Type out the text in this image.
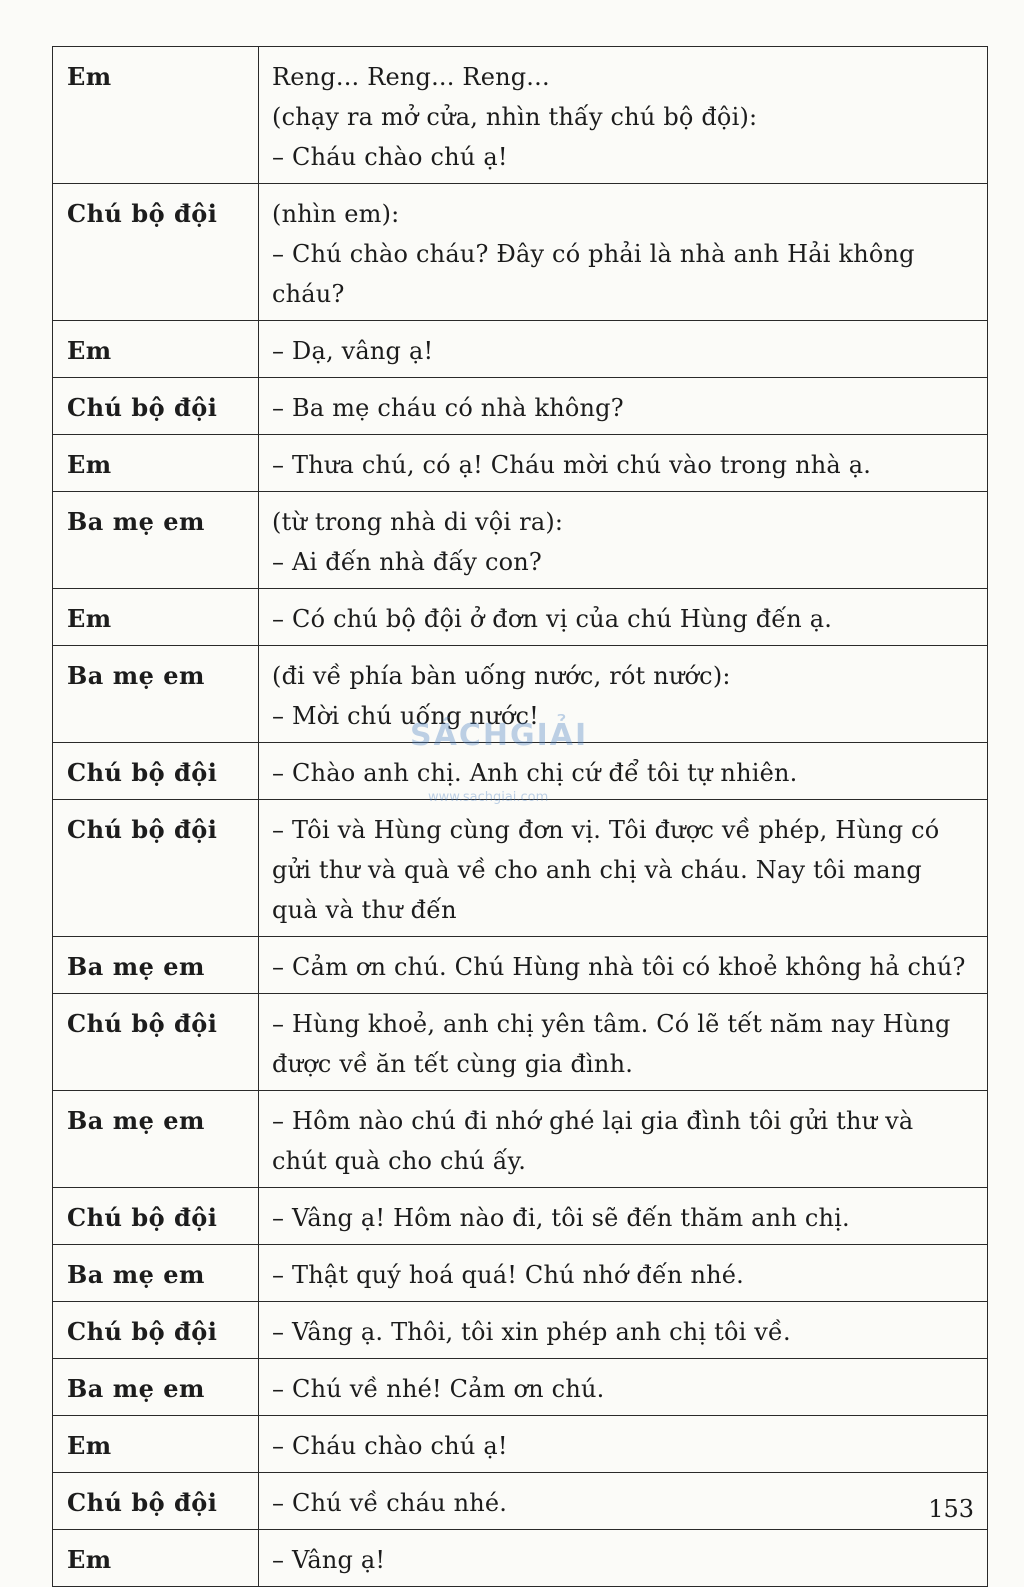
Em	Reng... Reng... Reng...
(chạy ra mở cửa, nhìn thấy chú bộ đội):
– Cháu chào chú ạ!

Chú bộ đội	(nhìn em):
– Chú chào cháu? Đây có phải là nhà anh Hải không cháu?

Em	– Dạ, vâng ạ!

Chú bộ đội	– Ba mẹ cháu có nhà không?

Em	– Thưa chú, có ạ! Cháu mời chú vào trong nhà ạ.

Ba mẹ em	(từ trong nhà di vội ra):
– Ai đến nhà đấy con?

Em	– Có chú bộ đội ở đơn vị của chú Hùng đến ạ.

Ba mẹ em	(đi về phía bàn uống nước, rót nước):
– Mời chú uống nước!

Chú bộ đội	– Chào anh chị. Anh chị cứ để tôi tự nhiên.

Chú bộ đội	– Tôi và Hùng cùng đơn vị. Tôi được về phép, Hùng có gửi thư và quà về cho anh chị và cháu. Nay tôi mang quà và thư đến

Ba mẹ em	– Cảm ơn chú. Chú Hùng nhà tôi có khoẻ không hả chú?

Chú bộ đội	– Hùng khoẻ, anh chị yên tâm. Có lẽ tết năm nay Hùng được về ăn tết cùng gia đình.

Ba mẹ em	– Hôm nào chú đi nhớ ghé lại gia đình tôi gửi thư và chút quà cho chú ấy.

Chú bộ đội	– Vâng ạ! Hôm nào đi, tôi sẽ đến thăm anh chị.

Ba mẹ em	– Thật quý hoá quá! Chú nhớ đến nhé.

Chú bộ đội	– Vâng ạ. Thôi, tôi xin phép anh chị tôi về.

Ba mẹ em	– Chú về nhé! Cảm ơn chú.

Em	– Cháu chào chú ạ!

Chú bộ đội	– Chú về cháu nhé.

Em	– Vâng ạ!
SÁCHGIẢI
www.sachgiai.com
153
